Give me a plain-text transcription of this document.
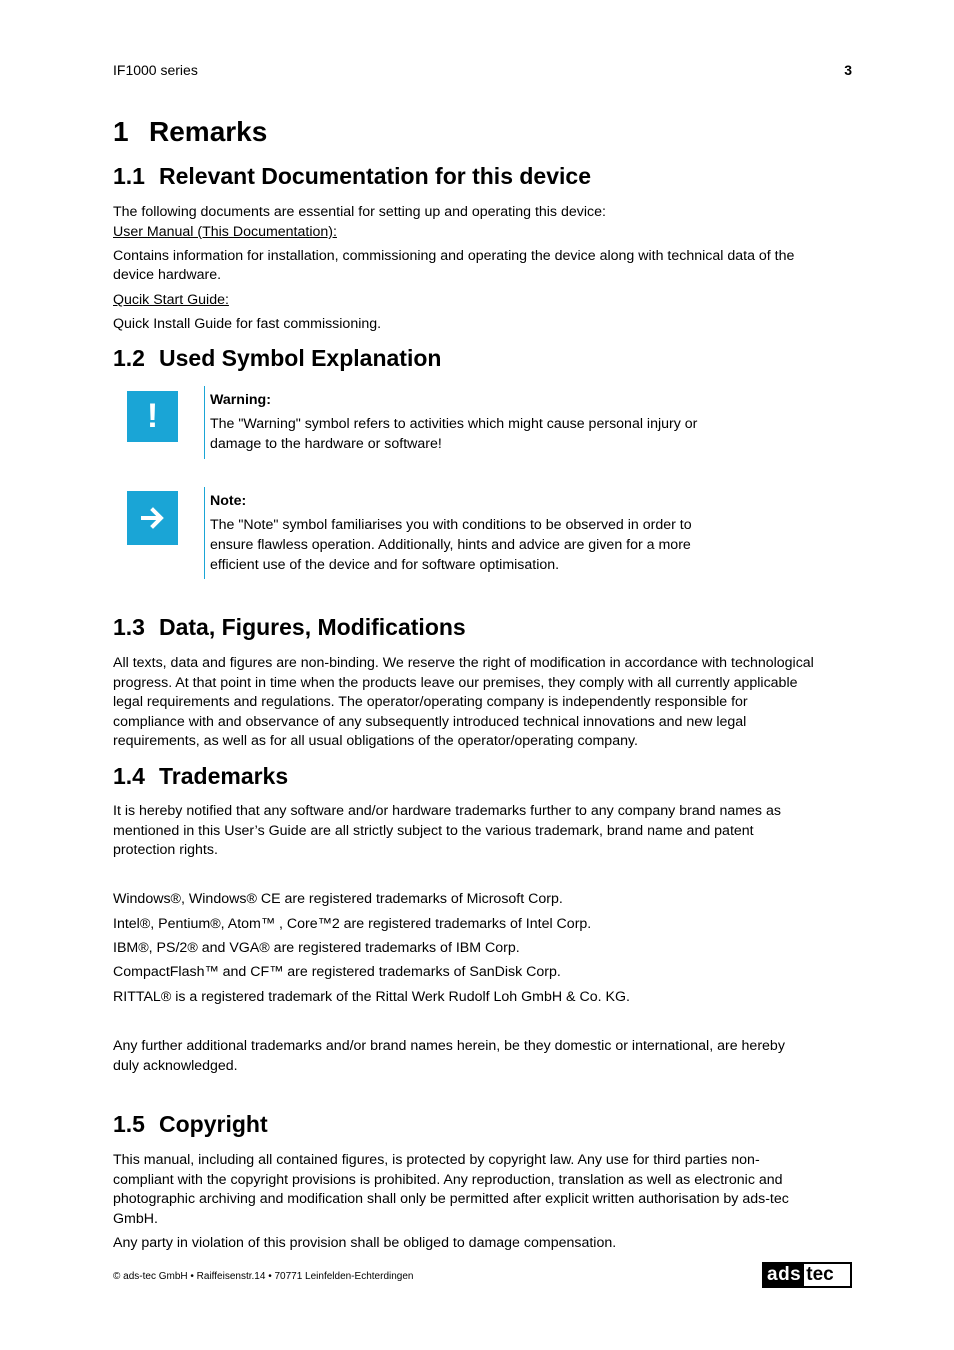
IF1000 series	3
1 Remarks
1.1 Relevant Documentation for this device
The following documents are essential for setting up and operating this device:
User Manual (This Documentation):
Contains information for installation, commissioning and operating the device along with technical data of the
device hardware.
Qucik Start Guide:
Quick Install Guide for fast commissioning.
1.2 Used Symbol Explanation
!	Warning:
The "Warning" symbol refers to activities which might cause personal injury or
damage to the hardware or software!
Note:
The "Note" symbol familiarises you with conditions to be observed in order to
ensure flawless operation. Additionally, hints and advice are given for a more
efficient use of the device and for software optimisation.
1.3 Data, Figures, Modifications
All texts, data and figures are non-binding. We reserve the right of modification in accordance with technological
progress. At that point in time when the products leave our premises, they comply with all currently applicable
legal requirements and regulations. The operator/operating company is independently responsible for
compliance with and observance of any subsequently introduced technical innovations and new legal
requirements, as well as for all usual obligations of the operator/operating company.
1.4 Trademarks
It is hereby notified that any software and/or hardware trademarks further to any company brand names as
mentioned in this User’s Guide are all strictly subject to the various trademark, brand name and patent
protection rights.
Windows®, Windows® CE are registered trademarks of Microsoft Corp.
Intel®, Pentium®, Atom™ , Core™2 are registered trademarks of Intel Corp.
IBM®, PS/2® and VGA® are registered trademarks of IBM Corp.
CompactFlash™ and CF™ are registered trademarks of SanDisk Corp.
RITTAL® is a registered trademark of the Rittal Werk Rudolf Loh GmbH & Co. KG.
Any further additional trademarks and/or brand names herein, be they domestic or international, are hereby
duly acknowledged.
1.5 Copyright
This manual, including all contained figures, is protected by copyright law. Any use for third parties non-
compliant with the copyright provisions is prohibited. Any reproduction, translation as well as electronic and
photographic archiving and modification shall only be permitted after explicit written authorisation by ads-tec
GmbH.
Any party in violation of this provision shall be obliged to damage compensation.
© ads-tec GmbH • Raiffeisenstr.14 • 70771 Leinfelden-Echterdingen	ads tec
